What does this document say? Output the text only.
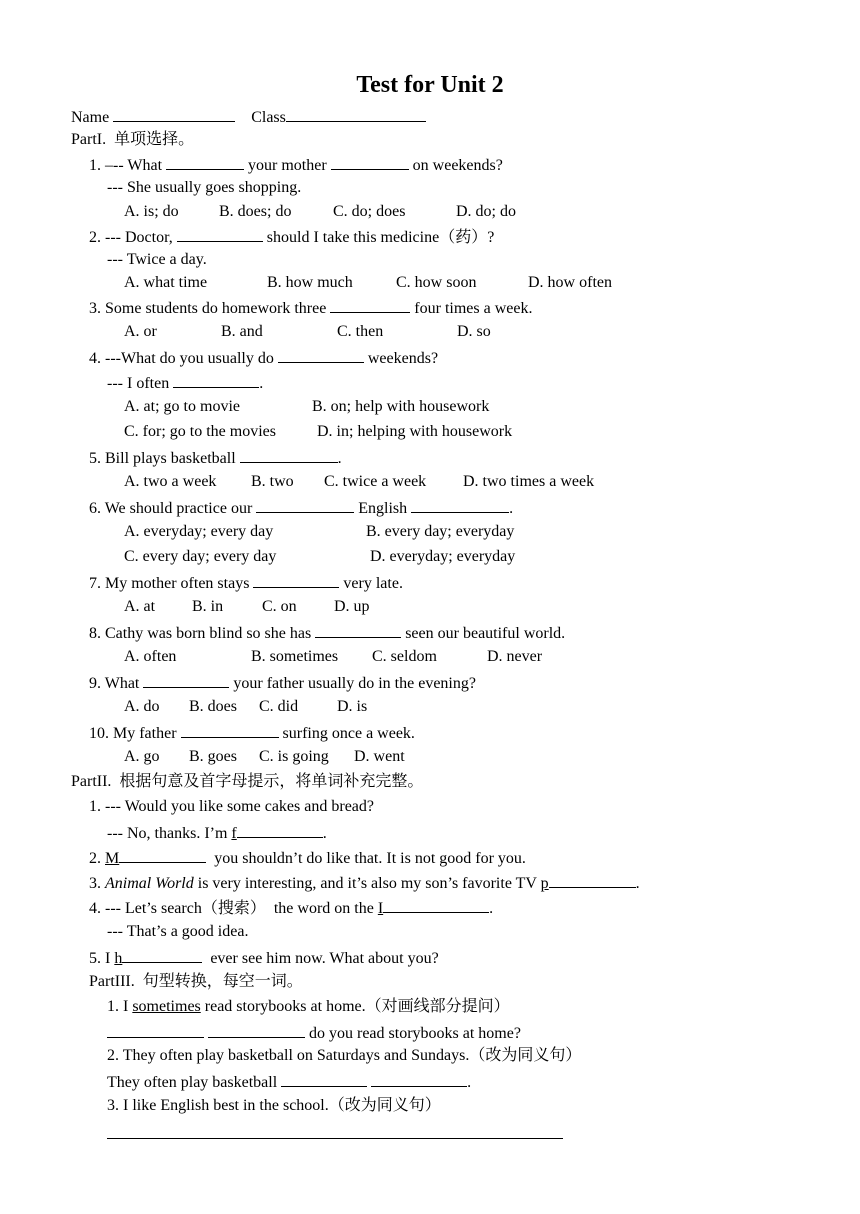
Test for Unit 2
Name	Class
PartI.  单项选择。
1. –-- What	your mother	on weekends?
--- She usually goes shopping.
A. is; do	B. does; do	C. do; does	D. do; do
2. --- Doctor,	should I take this medicine（药）?
--- Twice a day.
A. what time	B. how much	C. how soon	D. how often
3. Some students do homework three	four times a week.
A. or	B. and	C. then	D. so
4. ---What do you usually do	weekends?
--- I often	.
A. at; go to movie	B. on; help with housework
C. for; go to the movies	D. in; helping with housework
5. Bill plays basketball	.
A. two a week B. two C. twice a week D. two times a week
6. We should practice our	English	.
A. everyday; every day	B. every day; everyday
C. every day; every day	D. everyday; everyday
7. My mother often stays	very late.
A. at B. in C. on D. up
8. Cathy was born blind so she has	seen our beautiful world.
A. often	B. sometimes C. seldom	D. never
9. What	your father usually do in the evening?
A. do B. does C. did D. is
10. My father	surfing once a week.
A. go B. goes C. is going D. went
PartII.  根据句意及首字母提示，将单词补充完整。
1. --- Would you like some cakes and bread?
--- No, thanks. I’m f	.
2. M	you shouldn’t do like that. It is not good for you.
3. Animal World is very interesting, and it’s also my son’s favorite TV p	.
4. --- Let’s search（搜索）  the word on the I	.
--- That’s a good idea.
5. I h	ever see him now. What about you?
PartIII.  句型转换，每空一词。
1. I sometimes read storybooks at home.（对画线部分提问）
do you read storybooks at home?
2. They often play basketball on Saturdays and Sundays.（改为同义句）
They often play basketball	.
3. I like English best in the school.（改为同义句）
